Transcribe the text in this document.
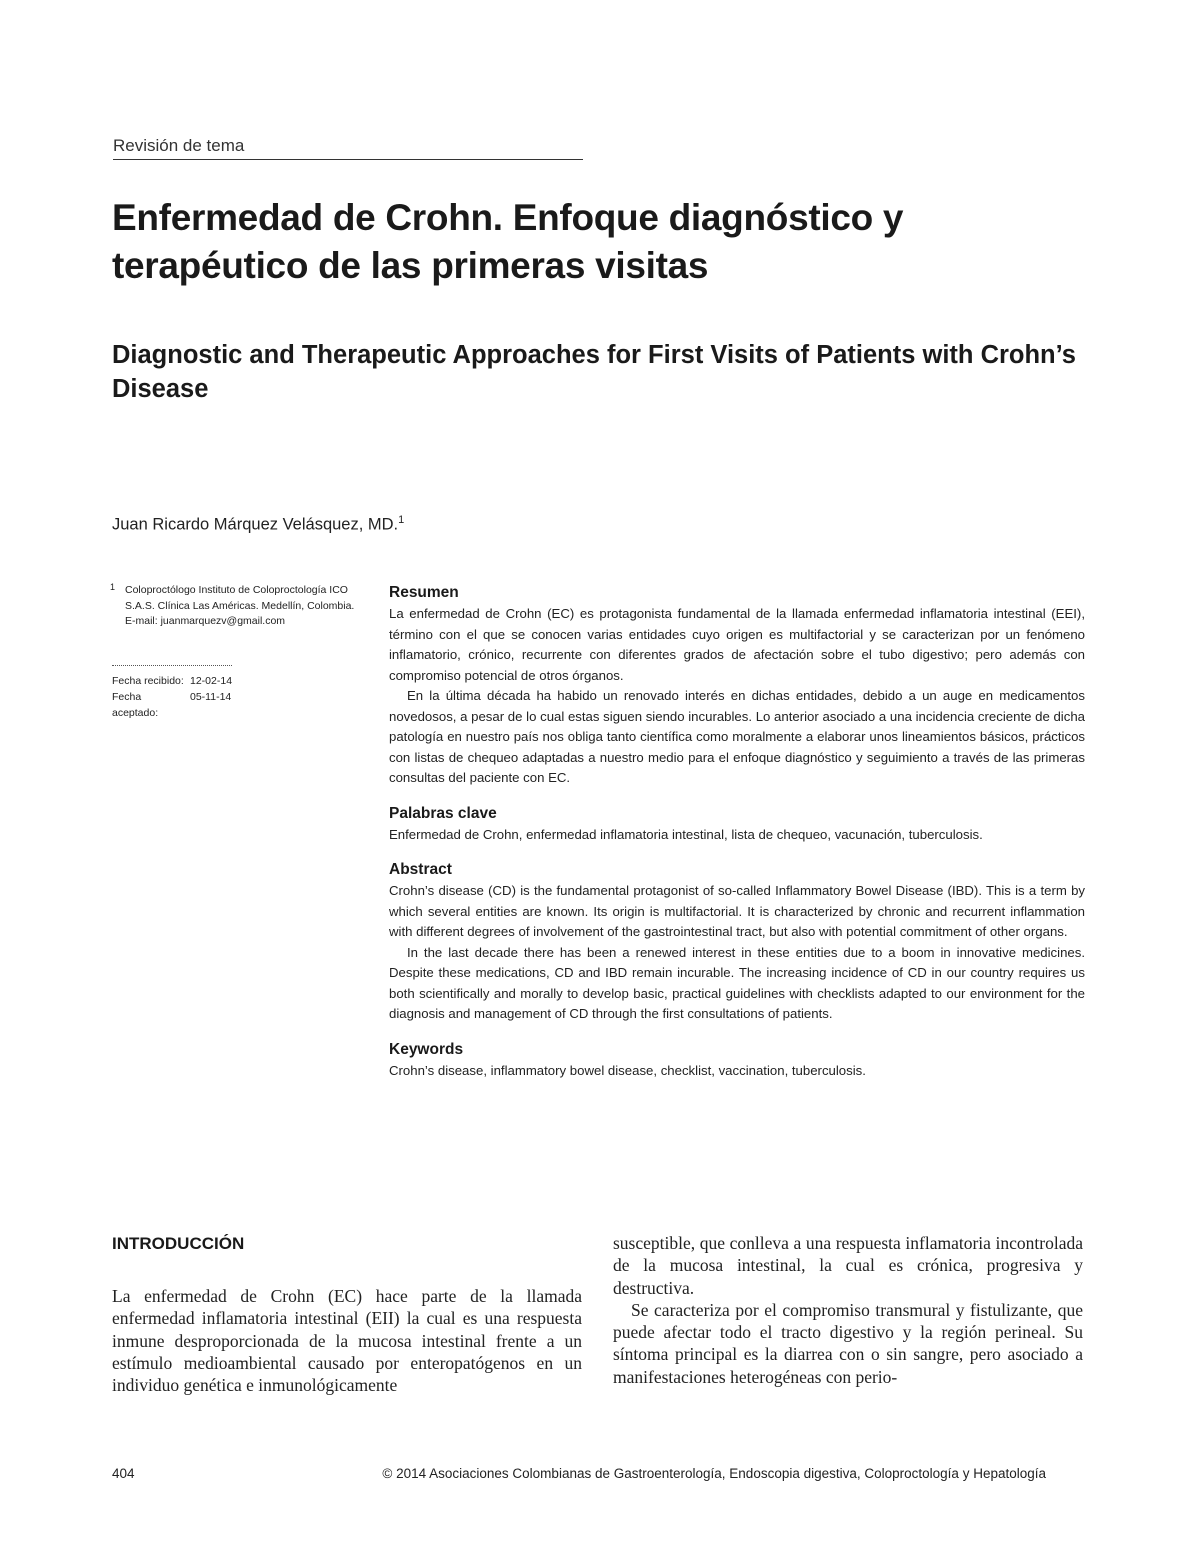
Revisión de tema
Enfermedad de Crohn. Enfoque diagnóstico y terapéutico de las primeras visitas
Diagnostic and Therapeutic Approaches for First Visits of Patients with Crohn’s Disease
Juan Ricardo Márquez Velásquez, MD.$^1$
1 Coloproctólogo Instituto de Coloproctología ICO S.A.S. Clínica Las Américas. Medellín, Colombia. E-mail: juanmarquezv@gmail.com
Fecha recibido: 12-02-14
Fecha aceptado:
05-11-14
Resumen

La enfermedad de Crohn (EC) es protagonista fundamental de la llamada enfermedad inflamatoria intestinal (EEI), término con el que se conocen varias entidades cuyo origen es multifactorial y se caracterizan por un fenómeno inflamatorio, crónico, recurrente con diferentes grados de afectación sobre el tubo digestivo; pero además con compromiso potencial de otros órganos.

En la última década ha habido un renovado interés en dichas entidades, debido a un auge en medicamentos novedosos, a pesar de lo cual estas siguen siendo incurables. Lo anterior asociado a una incidencia creciente de dicha patología en nuestro país nos obliga tanto científica como moralmente a elaborar unos lineamientos básicos, prácticos con listas de chequeo adaptadas a nuestro medio para el enfoque diagnóstico y seguimiento a través de las primeras consultas del paciente con EC.

Palabras clave

Enfermedad de Crohn, enfermedad inflamatoria intestinal, lista de chequeo, vacunación, tuberculosis.

Abstract

Crohn’s disease (CD) is the fundamental protagonist of so-called Inflammatory Bowel Disease (IBD). This is a term by which several entities are known. Its origin is multifactorial. It is characterized by chronic and recurrent inflammation with different degrees of involvement of the gastrointestinal tract, but also with potential commitment of other organs.

In the last decade there has been a renewed interest in these entities due to a boom in innovative medicines. Despite these medications, CD and IBD remain incurable. The increasing incidence of CD in our country requires us both scientifically and morally to develop basic, practical guidelines with checklists adapted to our environment for the diagnosis and management of CD through the first consultations of patients.

Keywords

Crohn’s disease, inflammatory bowel disease, checklist, vaccination, tuberculosis.

INTRODUCCIÓN

La enfermedad de Crohn (EC) hace parte de la llamada enfermedad inflamatoria intestinal (EII) la cual es una respuesta inmune desproporcionada de la mucosa intestinal frente a un estímulo medioambiental causado por enteropatógenos en un individuo genética e inmunológicamente

susceptible, que conlleva a una respuesta inflamatoria incontrolada de la mucosa intestinal, la cual es crónica, progresiva y destructiva.

Se caracteriza por el compromiso transmural y fistulizante, que puede afectar todo el tracto digestivo y la región perineal. Su síntoma principal es la diarrea con o sin sangre, pero asociado a manifestaciones heterogéneas con perio-

404	© 2014 Asociaciones Colombianas de Gastroenterología, Endoscopia digestiva, Coloproctología y Hepatología
